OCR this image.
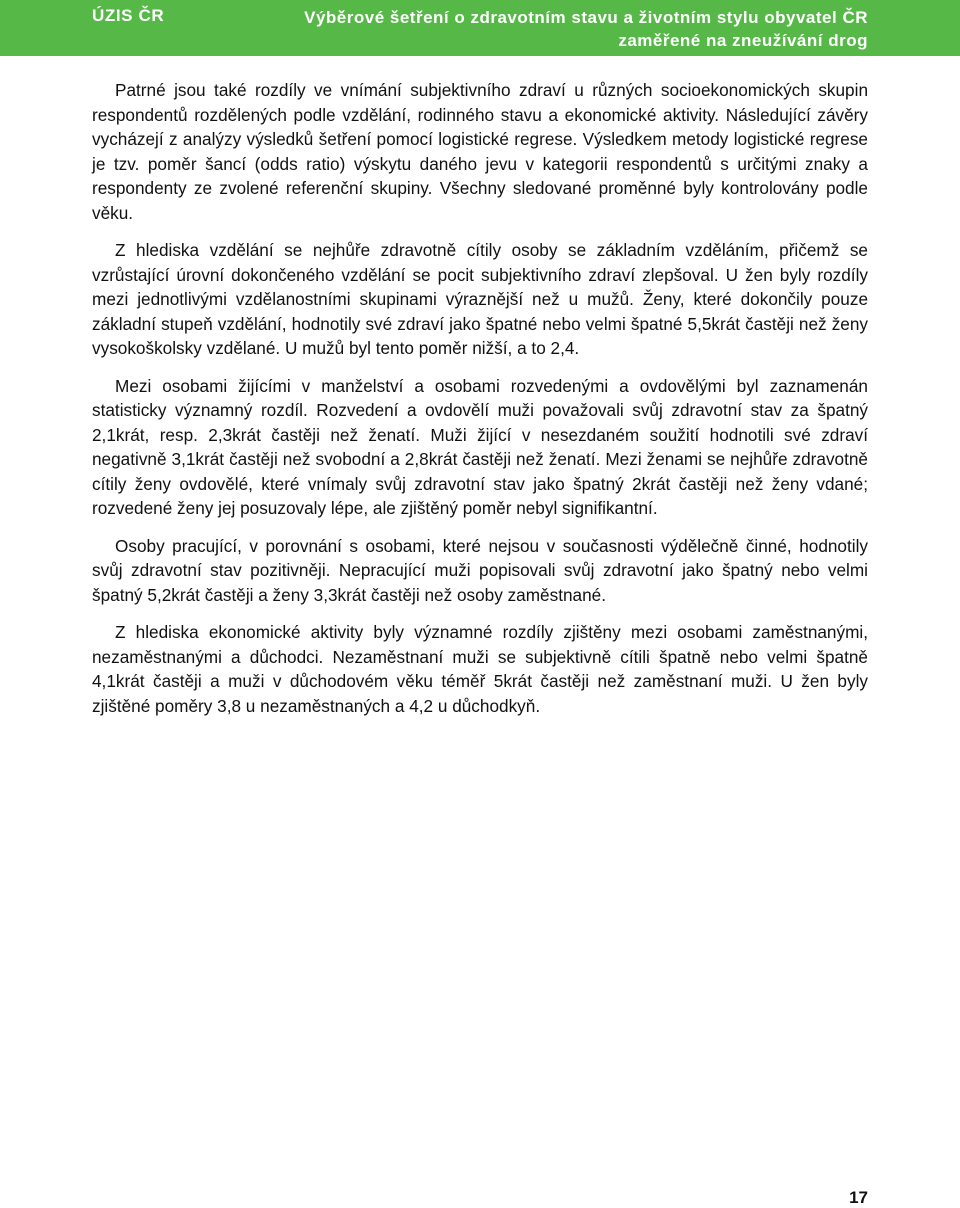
ÚZIS ČR	Výběrové šetření o zdravotním stavu a životním stylu obyvatel ČR
zaměřené na zneužívání drog

Patrné jsou také rozdíly ve vnímání subjektivního zdraví u různých socioekonomických skupin respondentů rozdělených podle vzdělání, rodinného stavu a ekonomické aktivity. Následující závěry vycházejí z analýzy výsledků šetření pomocí logistické regrese. Výsledkem metody logistické regrese je tzv. poměr šancí (odds ratio) výskytu daného jevu v kategorii respondentů s určitými znaky a respondenty ze zvolené referenční skupiny. Všechny sledované proměnné byly kontrolovány podle věku.

Z hlediska vzdělání se nejhůře zdravotně cítily osoby se základním vzděláním, přičemž se vzrůstající úrovní dokončeného vzdělání se pocit subjektivního zdraví zlepšoval. U žen byly rozdíly mezi jednotlivými vzdělanostními skupinami výraznější než u mužů. Ženy, které dokončily pouze základní stupeň vzdělání, hodnotily své zdraví jako špatné nebo velmi špatné 5,5krát častěji než ženy vysokoškolsky vzdělané. U mužů byl tento poměr nižší, a to 2,4.

Mezi osobami žijícími v manželství a osobami rozvedenými a ovdovělými byl zaznamenán statisticky významný rozdíl. Rozvedení a ovdovělí muži považovali svůj zdravotní stav za špatný 2,1krát, resp. 2,3krát častěji než ženatí. Muži žijící v nesezdaném soužití hodnotili své zdraví negativně 3,1krát častěji než svobodní a 2,8krát častěji než ženatí. Mezi ženami se nejhůře zdravotně cítily ženy ovdovělé, které vnímaly svůj zdravotní stav jako špatný 2krát častěji než ženy vdané; rozvedené ženy jej posuzovaly lépe, ale zjištěný poměr nebyl signifikantní.

Osoby pracující, v porovnání s osobami, které nejsou v současnosti výdělečně činné, hodnotily svůj zdravotní stav pozitivněji. Nepracující muži popisovali svůj zdravotní jako špatný nebo velmi špatný 5,2krát častěji a ženy 3,3krát častěji než osoby zaměstnané.

Z hlediska ekonomické aktivity byly významné rozdíly zjištěny mezi osobami zaměstnanými, nezaměstnanými a důchodci. Nezaměstnaní muži se subjektivně cítili špatně nebo velmi špatně 4,1krát častěji a muži v důchodovém věku téměř 5krát častěji než zaměstnaní muži. U žen byly zjištěné poměry 3,8 u nezaměstnaných a 4,2 u důchodkyň.

17
